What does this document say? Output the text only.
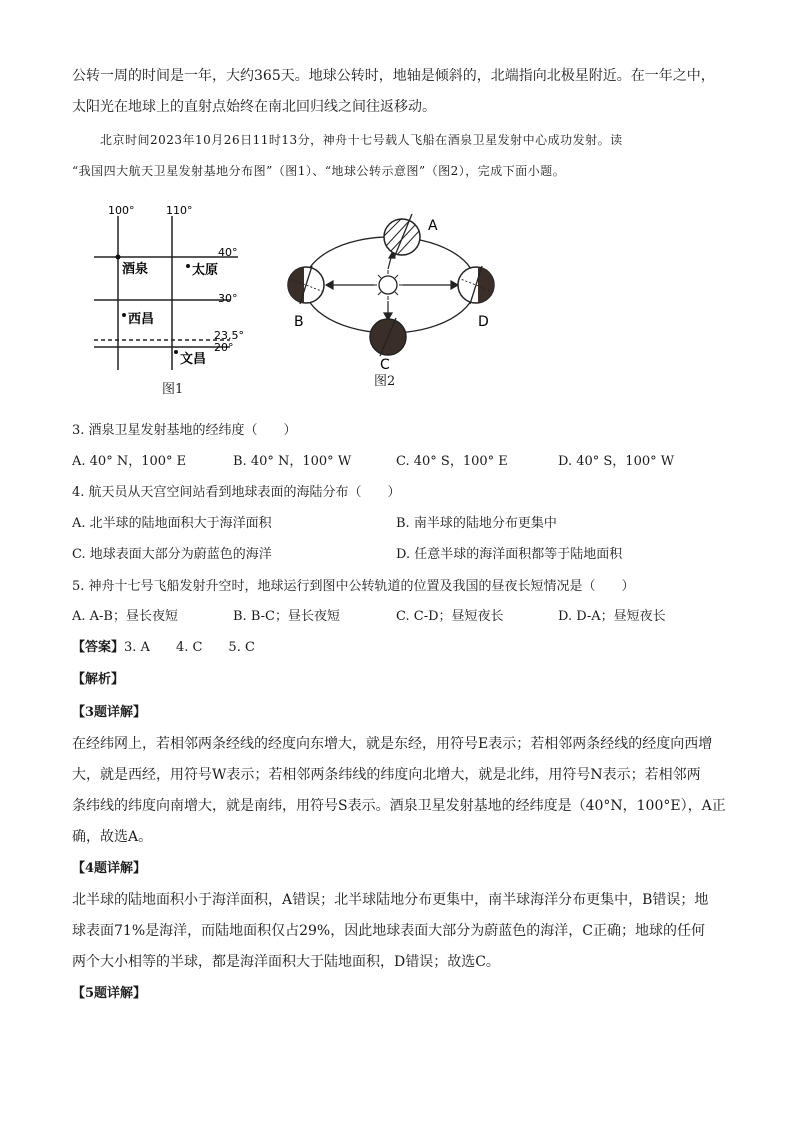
公转一周的时间是一年，大约365天。地球公转时，地轴是倾斜的，北端指向北极星附近。在一年之中，
太阳光在地球上的直射点始终在南北回归线之间往返移动。
北京时间2023年10月26日11时13分，神舟十七号载人飞船在酒泉卫星发射中心成功发射。读
“我国四大航天卫星发射基地分布图”（图1）、“地球公转示意图”（图2），完成下面小题。
100°	110°
40°
30°
23.5°
20°
酒泉	太原
西昌
文昌
图1
A
B
C
D
图2
3. 酒泉卫星发射基地的经纬度（　　）
A. 40° N，100° E	B. 40° N，100° W	C. 40° S，100° E	D. 40° S，100° W
4. 航天员从天宫空间站看到地球表面的海陆分布（　　）
A. 北半球的陆地面积大于海洋面积	B. 南半球的陆地分布更集中
C. 地球表面大部分为蔚蓝色的海洋	D. 任意半球的海洋面积都等于陆地面积
5. 神舟十七号飞船发射升空时，地球运行到图中公转轨道的位置及我国的昼夜长短情况是（　　）
A. A-B；昼长夜短	B. B-C；昼长夜短	C. C-D；昼短夜长	D. D-A；昼短夜长
【答案】3. A　　4. C　　5. C
【解析】
【3题详解】
在经纬网上，若相邻两条经线的经度向东增大，就是东经，用符号E表示；若相邻两条经线的经度向西增
大，就是西经，用符号W表示；若相邻两条纬线的纬度向北增大，就是北纬，用符号N表示；若相邻两
条纬线的纬度向南增大，就是南纬，用符号S表示。酒泉卫星发射基地的经纬度是（40°N，100°E），A正
确，故选A。
【4题详解】
北半球的陆地面积小于海洋面积，A错误；北半球陆地分布更集中，南半球海洋分布更集中，B错误；地
球表面71%是海洋，而陆地面积仅占29%，因此地球表面大部分为蔚蓝色的海洋，C正确；地球的任何
两个大小相等的半球，都是海洋面积大于陆地面积，D错误；故选C。
【5题详解】
